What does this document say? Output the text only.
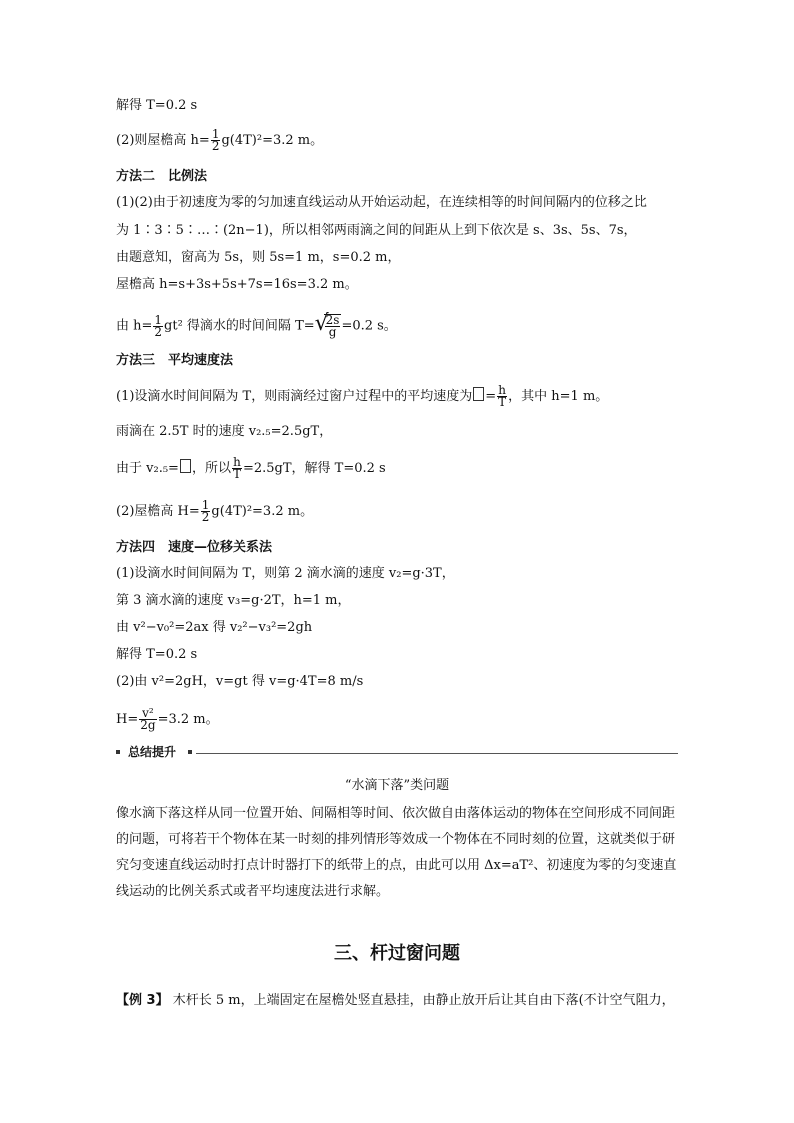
解得 T=0.2 s
(2)则屋檐高 $h= \frac{1}{2} g(4T)^2=3.2$ m。
方法二　比例法
(1)(2)由于初速度为零的匀加速直线运动从开始运动起，在连续相等的时间间隔内的位移之比
为 1∶3∶5∶…∶(2n−1)，所以相邻两雨滴之间的间距从上到下依次是 s、3s、5s、7s，
由题意知，窗高为 5s，则 5s=1 m，s=0.2 m，
屋檐高 h=s+3s+5s+7s=16s=3.2 m。
由 $h= \frac{1}{2} gt^2$ 得滴水的时间间隔 T= √
$\frac{2s}{g} =0.2$ s。
方法三　平均速度法
(1)设滴水时间间隔为 T，则雨滴经过窗户过程中的平均速度为 = $\frac{h}{T}$ ，其中 h=1 m。
雨滴在 2.5T 时的速度 v₂.₅=2.5gT，
由于 v₂.₅= ，所以 $\frac{h}{T} =2.5gT$，解得 T=0.2 s
(2)屋檐高 $H= \frac{1}{2} g(4T)^2=3.2$ m。
方法四　速度—位移关系法
(1)设滴水时间间隔为 T，则第 2 滴水滴的速度 v₂=g·3T，
第 3 滴水滴的速度 v₃=g·2T，h=1 m，
由 v²−v₀²=2ax 得 v₂²−v₃²=2gh
解得 T=0.2 s
(2)由 v²=2gH，v=gt 得 v=g·4T=8 m/s
$H= \frac{\text{v²}}{2g} =3.2$ m。
总结提升
“水滴下落”类问题
像水滴下落这样从同一位置开始、间隔相等时间、依次做自由落体运动的物体在空间形成不同间距的问题，可将若干个物体在某一时刻的排列情形等效成一个物体在不同时刻的位置，这就类似于研究匀变速直线运动时打点计时器打下的纸带上的点，由此可以用 Δx=aT²、初速度为零的匀变速直线运动的比例关系式或者平均速度法进行求解。
三、杆过窗问题
【例 3】 木杆长 5 m，上端固定在屋檐处竖直悬挂，由静止放开后让其自由下落(不计空气阻力，
